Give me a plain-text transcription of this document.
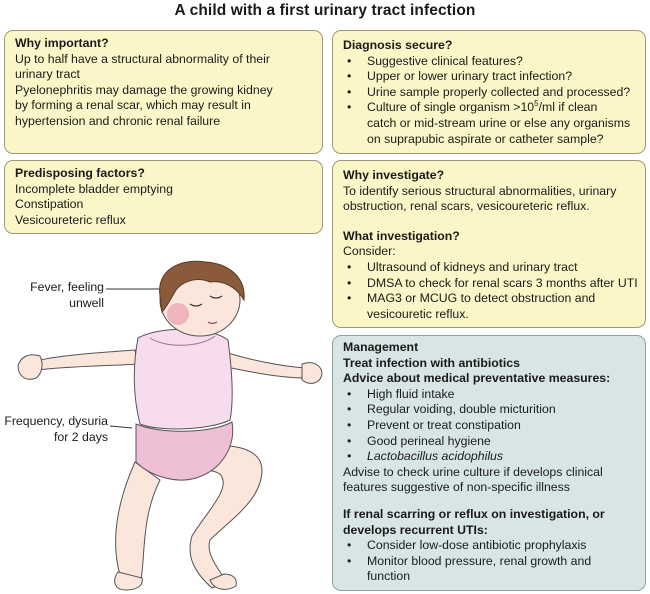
A child with a first urinary tract infection
Why important?
Up to half have a structural abnormality of their
urinary tract
Pyelonephritis may damage the growing kidney
by forming a renal scar, which may result in
hypertension and chronic renal failure
Predisposing factors?
Incomplete bladder emptying
Constipation
Vesicoureteric reflux
Diagnosis secure?
• Suggestive clinical features?
• Upper or lower urinary tract infection?
• Urine sample properly collected and processed?
• Culture of single organism $>10^5/ml$ if clean
catch or mid-stream urine or else any organisms
on suprapubic aspirate or catheter sample?
Why investigate?
To identify serious structural abnormalities, urinary
obstruction, renal scars, vesicoureteric reflux.
What investigation?
Consider:
• Ultrasound of kidneys and urinary tract
• DMSA to check for renal scars 3 months after UTI
• MAG3 or MCUG to detect obstruction and
vesicouretic reflux.
Management
Treat infection with antibiotics
Advice about medical preventative measures:
• High fluid intake
• Regular voiding, double micturition
• Prevent or treat constipation
• Good perineal hygiene
• Lactobacillus acidophilus
Advise to check urine culture if develops clinical
features suggestive of non-specific illness
If renal scarring or reflux on investigation, or
develops recurrent UTIs:
• Consider low-dose antibiotic prophylaxis
• Monitor blood pressure, renal growth and
function
Fever, feeling
unwell
Frequency, dysuria
for 2 days
